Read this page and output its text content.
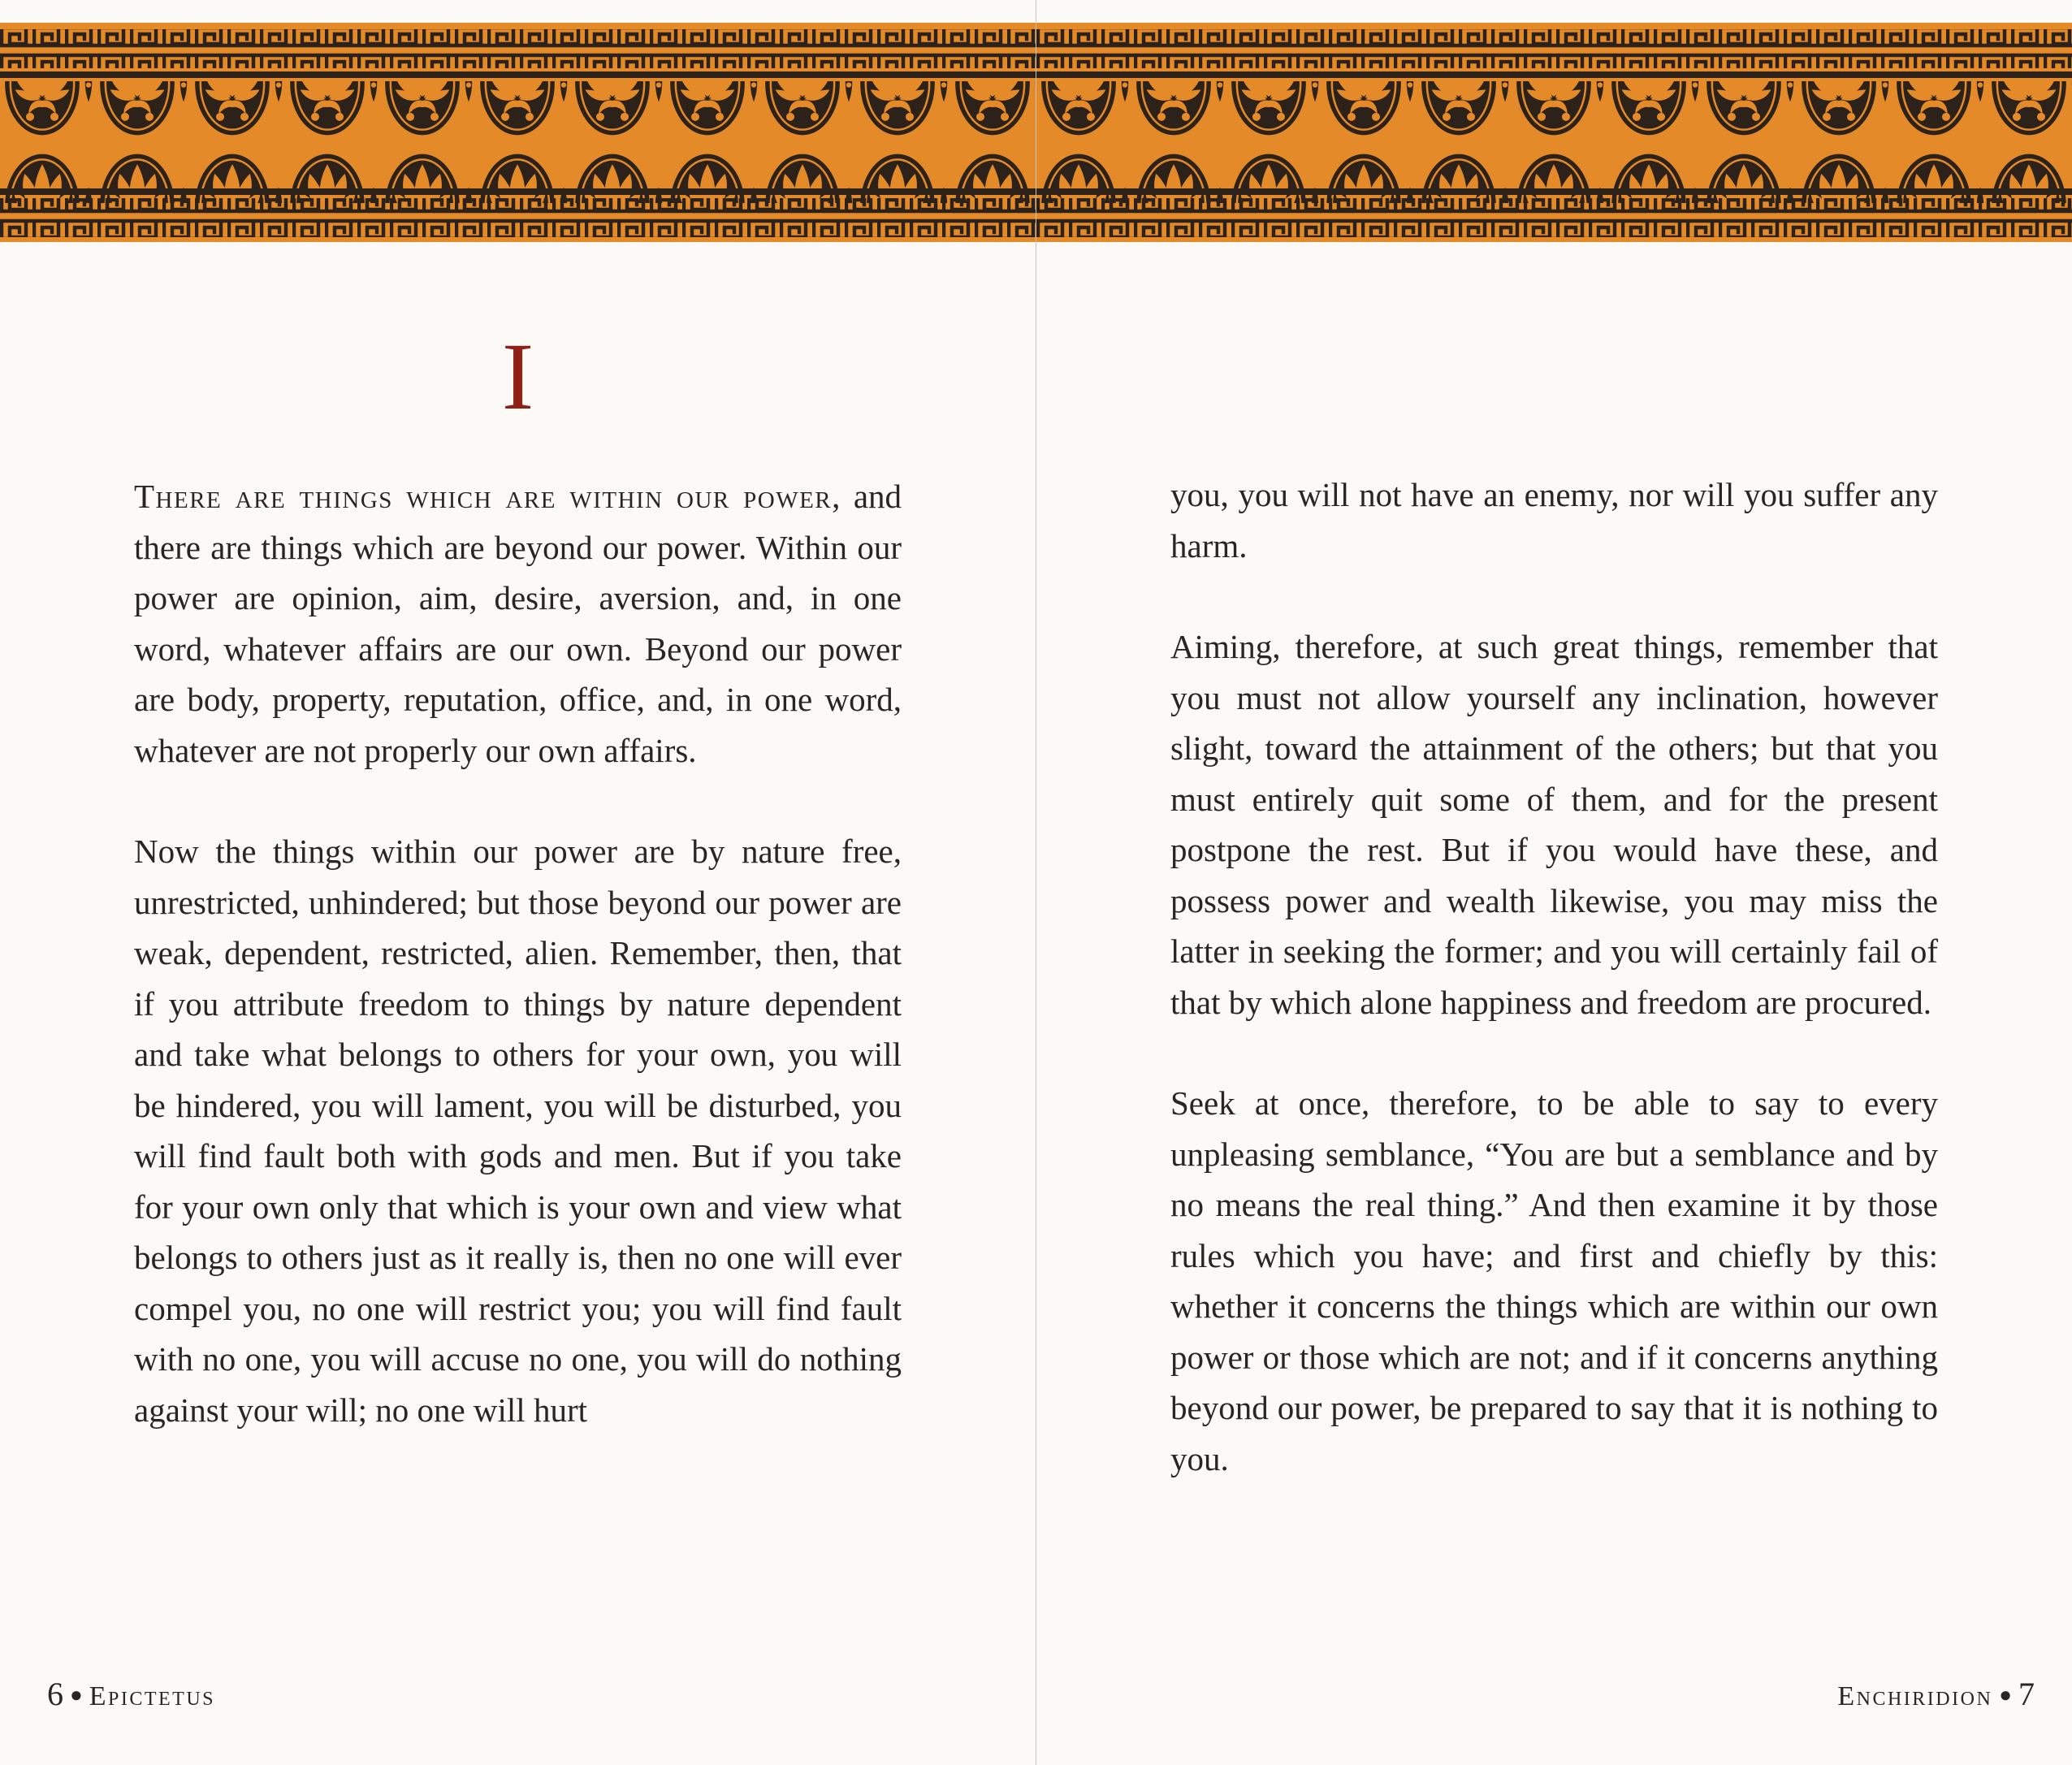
I

There are things which are within our power, and there are things which are beyond our power. Within our power are opinion, aim, desire, aversion, and, in one word, whatever affairs are our own. Beyond our power are body, property, reputation, office, and, in one word, whatever are not properly our own affairs.

Now the things within our power are by nature free, unrestricted, unhindered; but those beyond our power are weak, dependent, restricted, alien. Remember, then, that if you attribute freedom to things by nature dependent and take what belongs to others for your own, you will be hindered, you will lament, you will be disturbed, you will find fault both with gods and men. But if you take for your own only that which is your own and view what belongs to others just as it really is, then no one will ever compel you, no one will restrict you; you will find fault with no one, you will accuse no one, you will do nothing against your will; no one will hurt

6 ● Epictetus

you, you will not have an enemy, nor will you suffer any harm.

Aiming, therefore, at such great things, remember that you must not allow yourself any inclination, however slight, toward the attainment of the others; but that you must entirely quit some of them, and for the present postpone the rest. But if you would have these, and possess power and wealth likewise, you may miss the latter in seeking the former; and you will certainly fail of that by which alone happiness and freedom are procured.

Seek at once, therefore, to be able to say to every unpleasing semblance, “You are but a semblance and by no means the real thing.” And then examine it by those rules which you have; and first and chiefly by this: whether it concerns the things which are within our own power or those which are not; and if it concerns anything beyond our power, be prepared to say that it is nothing to you.

Enchiridion ● 7
